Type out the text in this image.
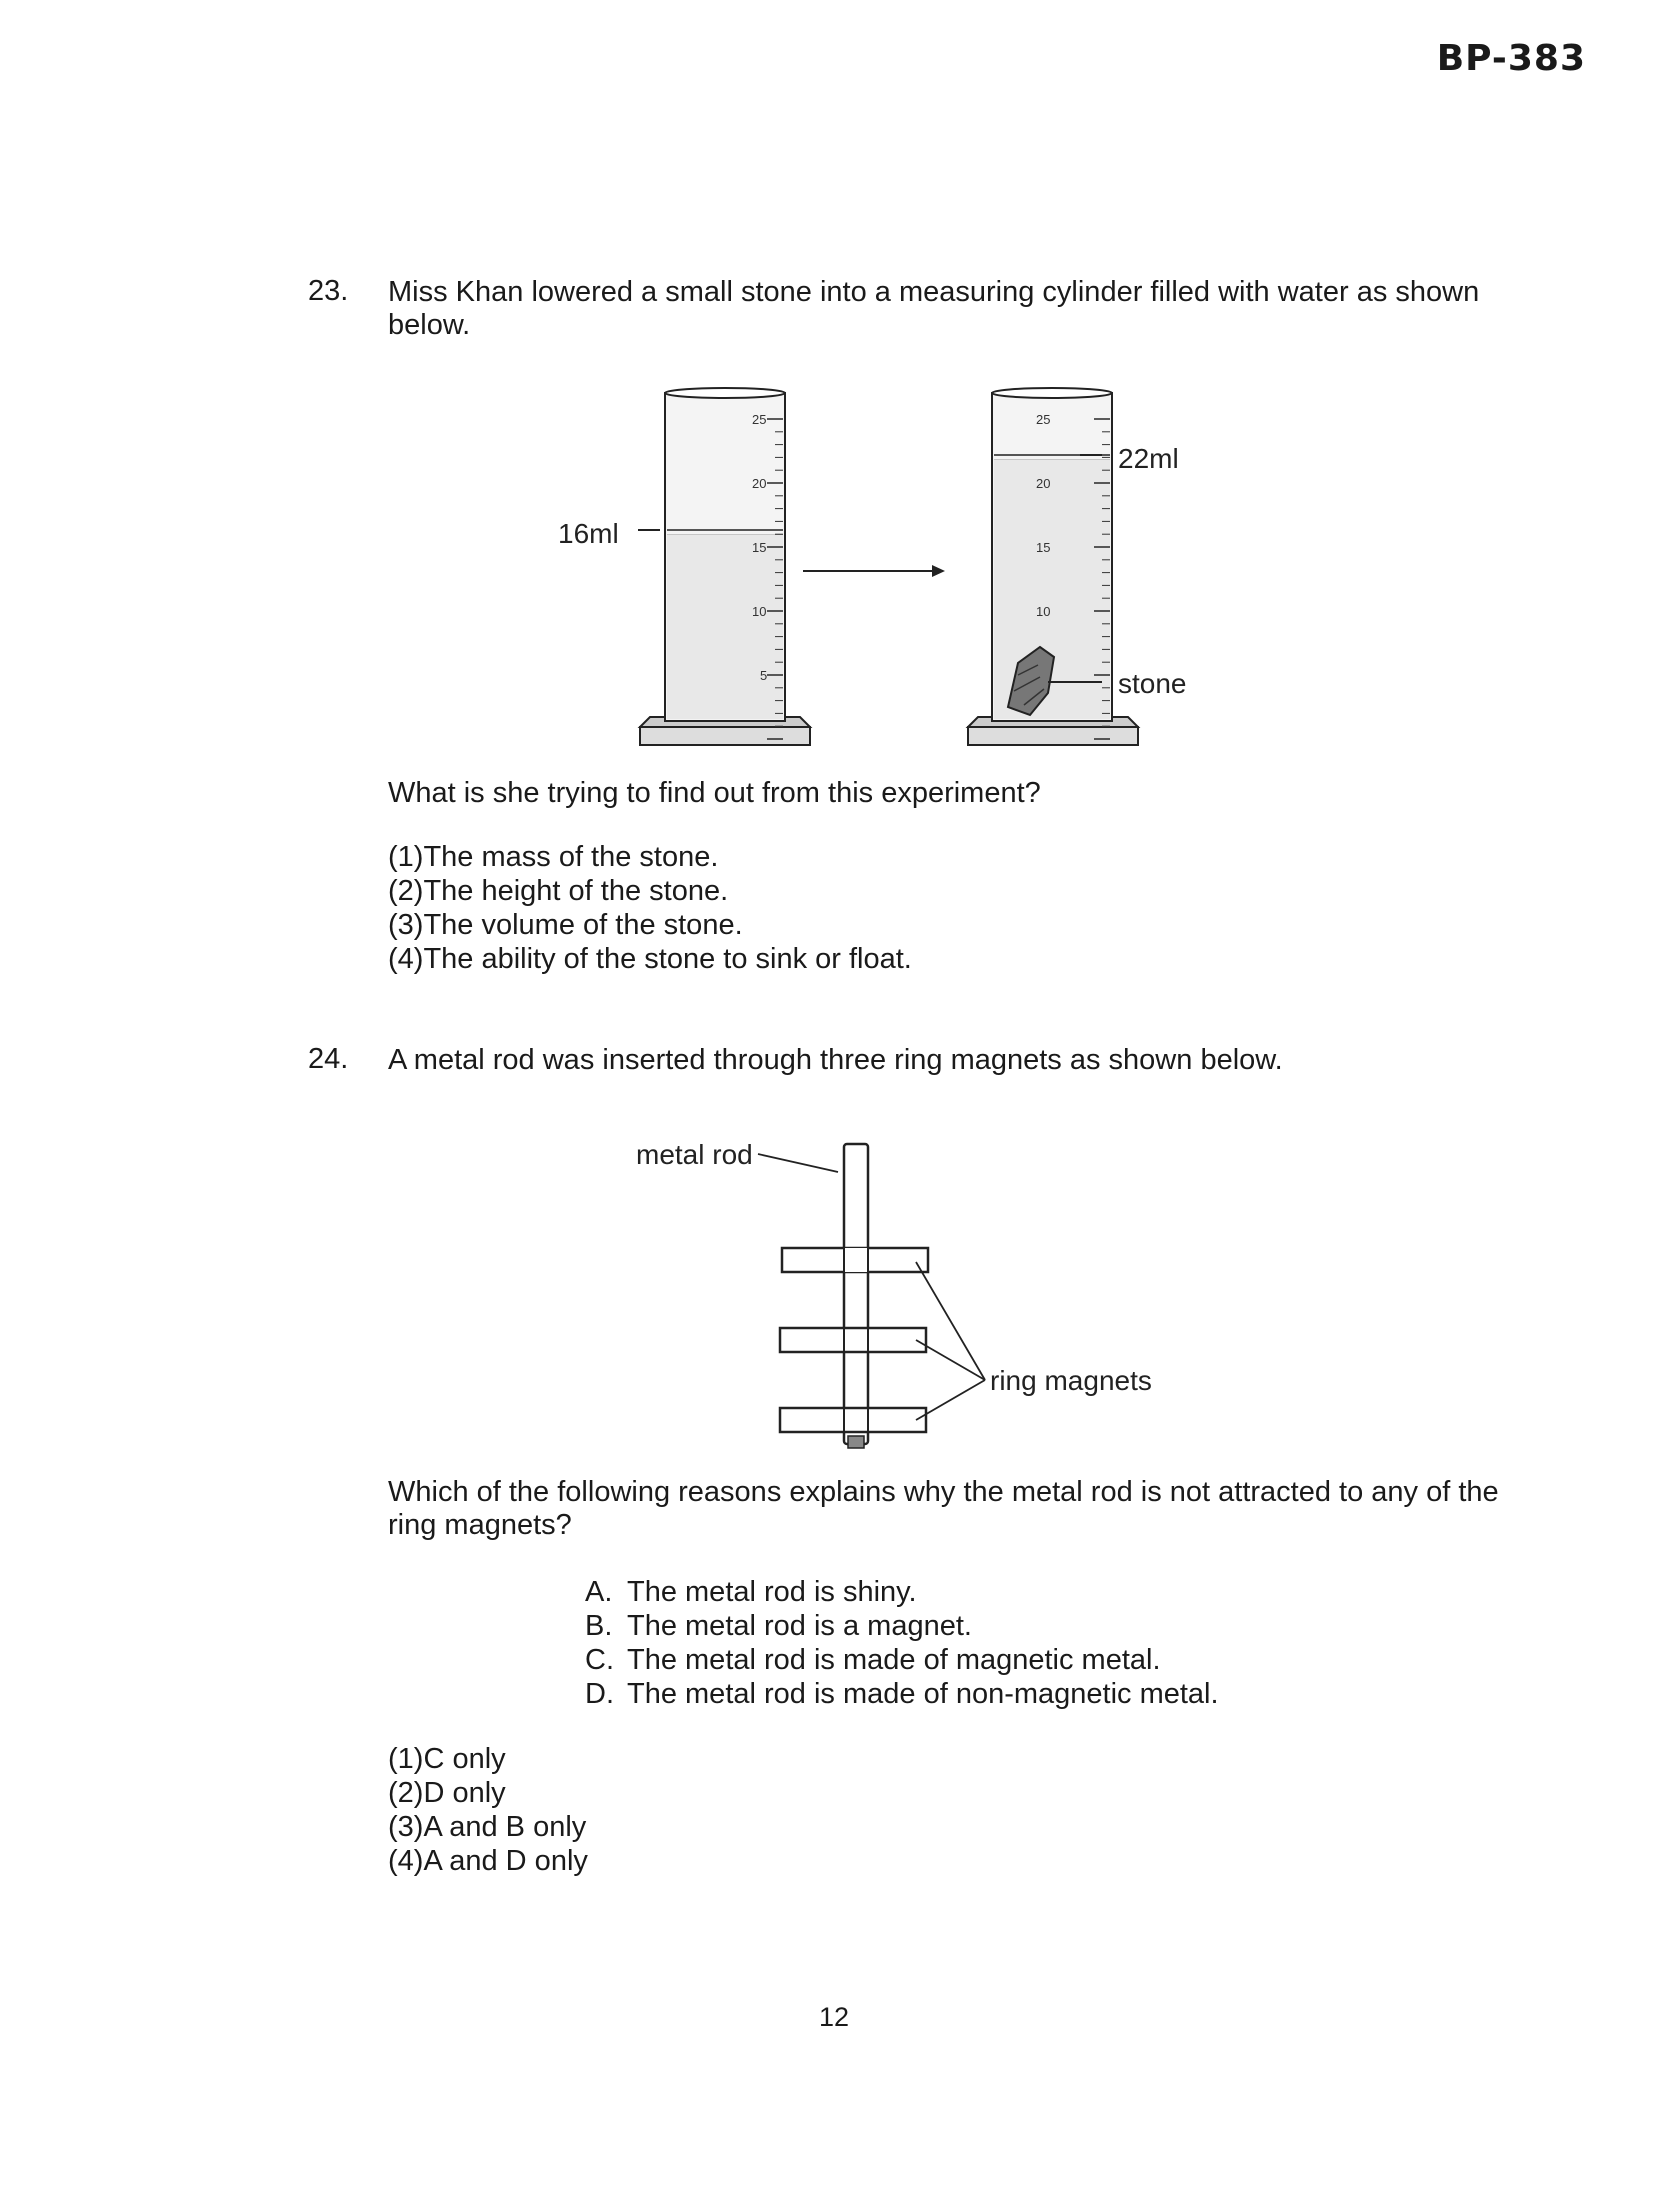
BP-383
23. Miss Khan lowered a small stone into a measuring cylinder filled with water as shown below.
25
20
15
10
5
25
20
15
10
16ml
22ml
stone
What is she trying to find out from this experiment?
(1)The mass of the stone.
(2)The height of the stone.
(3)The volume of the stone.
(4)The ability of the stone to sink or float.
24. A metal rod was inserted through three ring magnets as shown below.
metal rod
ring magnets
Which of the following reasons explains why the metal rod is not attracted to any of the ring magnets?
A. The metal rod is shiny.
B. The metal rod is a magnet.
C. The metal rod is made of magnetic metal.
D. The metal rod is made of non-magnetic metal.
(1)C only
(2)D only
(3)A and B only
(4)A and D only
12
